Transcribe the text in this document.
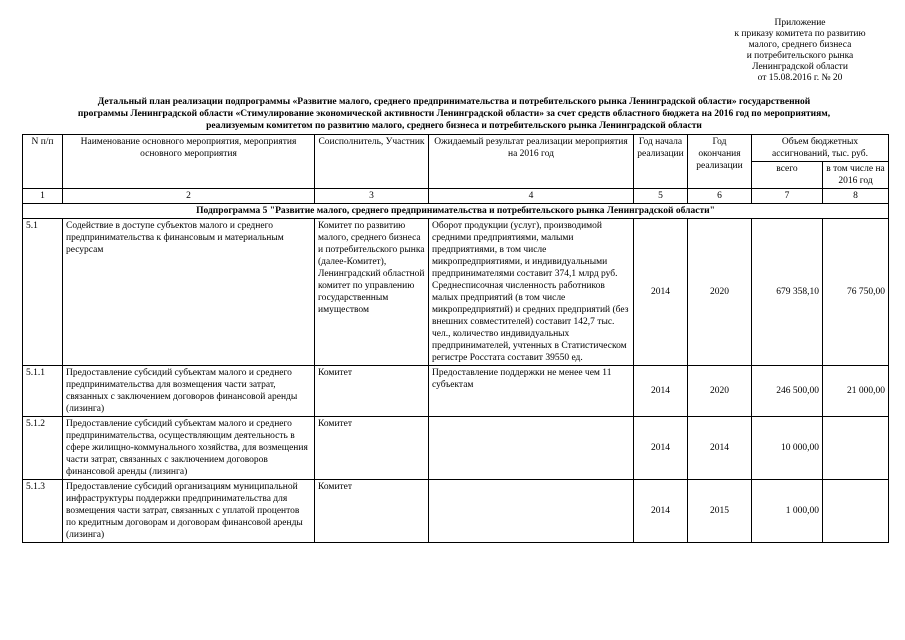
Приложение
к приказу комитета по развитию
малого, среднего бизнеса
и потребительского рынка
Ленинградской области
от 15.08.2016 г. № 20
Детальный план реализации подпрограммы «Развитие малого, среднего предпринимательства и потребительского рынка Ленинградской области» государственной
программы Ленинградской области «Стимулирование экономической активности Ленинградской области» за счет средств областного бюджета на 2016 год по мероприятиям,
реализуемым комитетом по развитию малого, среднего бизнеса и потребительского рынка Ленинградской области
N п/п	Наименование основного мероприятия, мероприятия основного мероприятия	Соисполнитель, Участник	Ожидаемый результат реализации мероприятия на 2016 год	Год начала реализации	Год окончания реализации	Объем бюджетных ассигнований, тыс. руб.	
						всего	в том числе на 2016 год
1	2	3	4	5	6	7	8
Подпрограмма 5 "Развитие малого, среднего предпринимательства и потребительского рынка Ленинградской области"							
5.1	Содействие в доступе субъектов малого и среднего предпринимательства к финансовым и материальным ресурсам	Комитет по развитию малого, среднего бизнеса и потребительского рынка (далее-Комитет), Ленинградский областной комитет по управлению государственным имуществом	Оборот продукции (услуг), производимой средними предприятиями, малыми предприятиями, в том числе микропредприятиями, и индивидуальными предпринимателями составит 374,1 млрд руб. Среднесписочная численность работников малых предприятий (в том числе микропредприятий) и средних предприятий (без внешних совместителей) составит 142,7 тыс. чел., количество индивидуальных предпринимателей, учтенных в Статистическом регистре Росстата составит 39550 ед.	2014	2020	679 358,10	76 750,00
5.1.1	Предоставление субсидий субъектам малого и среднего предпринимательства для возмещения части затрат, связанных с заключением договоров финансовой аренды (лизинга)	Комитет	Предоставление поддержки не менее чем 11 субъектам	2014	2020	246 500,00	21 000,00
5.1.2	Предоставление субсидий субъектам малого и среднего предпринимательства, осуществляющим деятельность в сфере жилищно-коммунального хозяйства, для возмещения части затрат, связанных с заключением договоров финансовой аренды (лизинга)	Комитет		2014	2014	10 000,00	
5.1.3	Предоставление субсидий организациям муниципальной инфраструктуры поддержки предпринимательства для возмещения части затрат, связанных с уплатой процентов по кредитным договорам и договорам финансовой аренды (лизинга)	Комитет		2014	2015	1 000,00	
